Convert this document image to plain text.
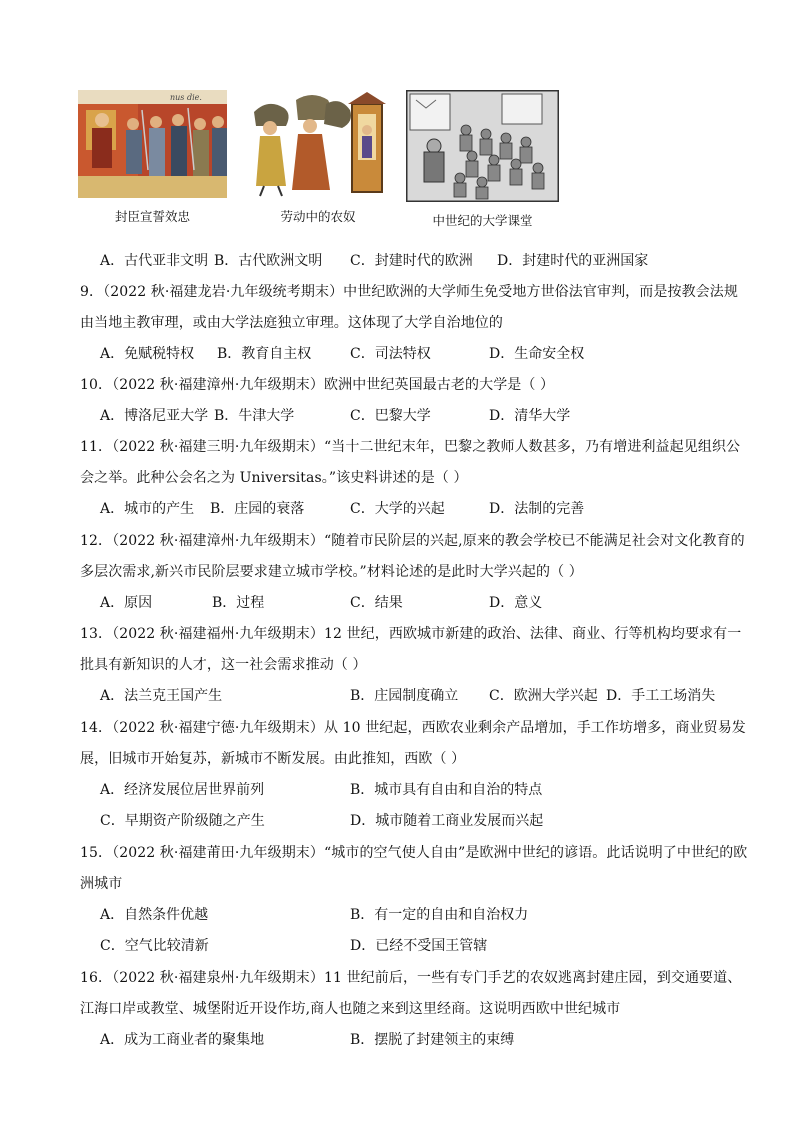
nus die.
封臣宣誓效忠	劳动中的农奴	中世纪的大学课堂
A．古代亚非文明 B．古代欧洲文明 C．封建时代的欧洲 D．封建时代的亚洲国家
9．（2022 秋·福建龙岩·九年级统考期末）中世纪欧洲的大学师生免受地方世俗法官审判，而是按教会法规
由当地主教审理，或由大学法庭独立审理。这体现了大学自治地位的
A．免赋税特权 B．教育自主权	C．司法特权	D．生命安全权
10．（2022 秋·福建漳州·九年级期末）欧洲中世纪英国最古老的大学是（ ）
A．博洛尼亚大学 B．牛津大学	C．巴黎大学	D．清华大学
11．（2022 秋·福建三明·九年级期末）“当十二世纪末年，巴黎之教师人数甚多，乃有增进利益起见组织公
会之举。此种公会名之为 Universitas。”该史料讲述的是（ ）
A．城市的产生 B．庄园的衰落	C．大学的兴起	D．法制的完善
12．（2022 秋·福建漳州·九年级期末）“随着市民阶层的兴起,原来的教会学校已不能满足社会对文化教育的
多层次需求,新兴市民阶层要求建立城市学校。”材料论述的是此时大学兴起的（ ）
A．原因	B．过程	C．结果	D．意义
13．（2022 秋·福建福州·九年级期末）12 世纪，西欧城市新建的政治、法律、商业、行等机构均要求有一
批具有新知识的人才，这一社会需求推动（ ）
A．法兰克王国产生	B．庄园制度确立 C．欧洲大学兴起 D．手工工场消失
14．（2022 秋·福建宁德·九年级期末）从 10 世纪起，西欧农业剩余产品增加，手工作坊增多，商业贸易发
展，旧城市开始复苏，新城市不断发展。由此推知，西欧（ ）
A．经济发展位居世界前列	B．城市具有自由和自治的特点
C．早期资产阶级随之产生	D．城市随着工商业发展而兴起
15．（2022 秋·福建莆田·九年级期末）“城市的空气使人自由”是欧洲中世纪的谚语。此话说明了中世纪的欧
洲城市
A．自然条件优越	B．有一定的自由和自治权力
C．空气比较清新	D．已经不受国王管辖
16．（2022 秋·福建泉州·九年级期末）11 世纪前后，一些有专门手艺的农奴逃离封建庄园，到交通要道、
江海口岸或教堂、城堡附近开设作坊,商人也随之来到这里经商。这说明西欧中世纪城市
A．成为工商业者的聚集地	B．摆脱了封建领主的束缚
